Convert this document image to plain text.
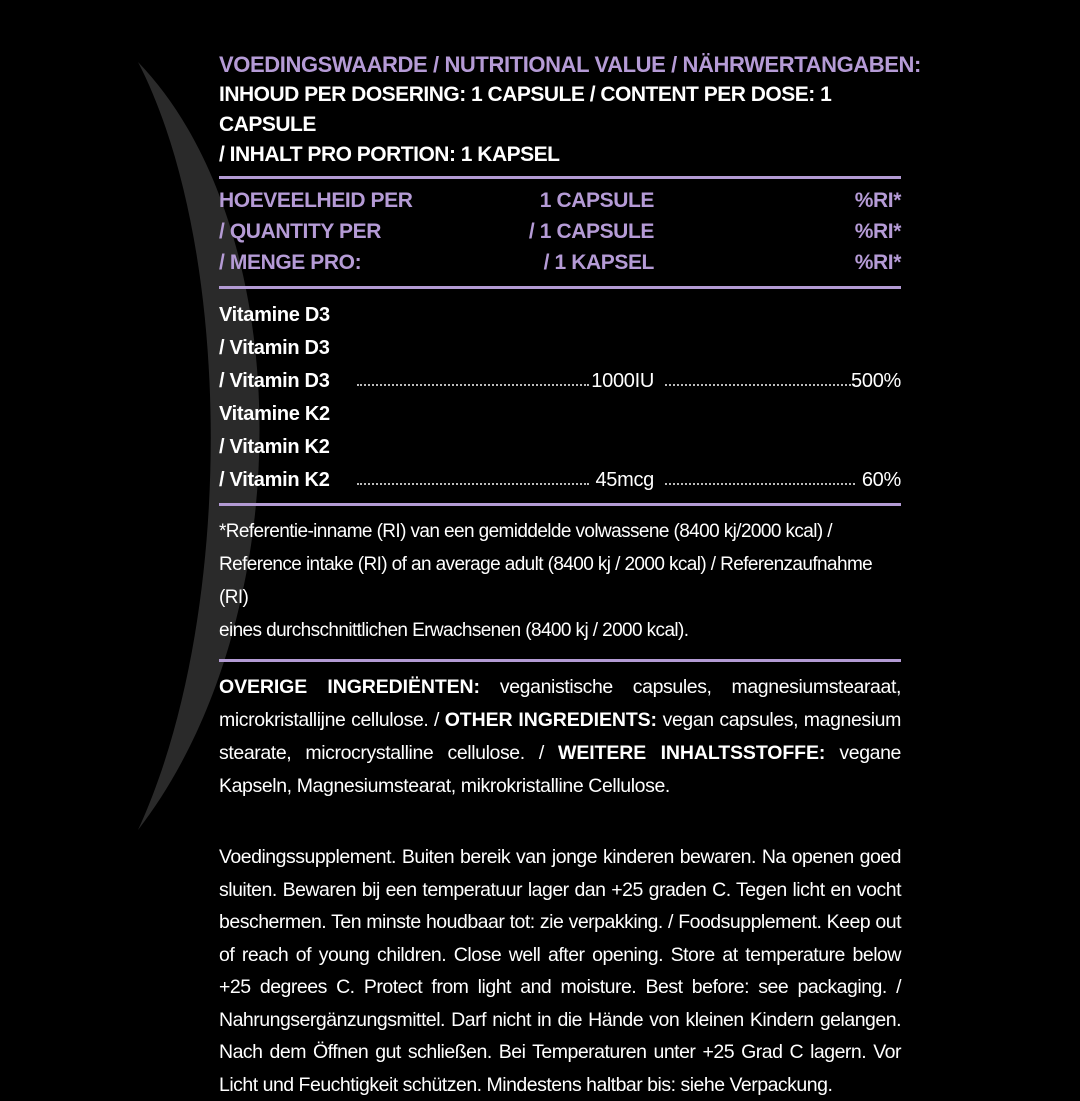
VOEDINGSWAARDE / NUTRITIONAL VALUE / NÄHRWERTANGABEN:
INHOUD PER DOSERING: 1 CAPSULE / CONTENT PER DOSE: 1 CAPSULE
/ INHALT PRO PORTION: 1 KAPSEL
HOEVEELHEID PER	1 CAPSULE	%RI*
/ QUANTITY PER	/ 1 CAPSULE	%RI*
/ MENGE PRO:	/ 1 KAPSEL	%RI*
Vitamine D3
/ Vitamin D3
/ Vitamin D3	1000IU	500%
Vitamine K2
/ Vitamin K2
/ Vitamin K2	45mcg	60%
*Referentie-inname (RI) van een gemiddelde volwassene (8400 kj/2000 kcal) /
Reference intake (RI) of an average adult (8400 kj / 2000 kcal) / Referenzaufnahme (RI)
eines durchschnittlichen Erwachsenen (8400 kj / 2000 kcal).
OVERIGE INGREDIËNTEN: veganistische capsules, magnesiumstearaat, microkristallijne cellulose. / OTHER INGREDIENTS: vegan capsules, magnesium stearate, microcrystalline cellulose. / WEITERE INHALTSSTOFFE: vegane Kapseln, Magnesiumstearat, mikrokristalline Cellulose.
Voedingssupplement. Buiten bereik van jonge kinderen bewaren. Na openen goed sluiten. Bewaren bij een temperatuur lager dan +25 graden C. Tegen licht en vocht beschermen. Ten minste houdbaar tot: zie verpakking. / Foodsupplement. Keep out of reach of young children. Close well after opening. Store at temperature below +25 degrees C. Protect from light and moisture. Best before: see packaging. / Nahrungsergänzungsmittel. Darf nicht in die Hände von kleinen Kindern gelangen. Nach dem Öffnen gut schließen. Bei Temperaturen unter +25 Grad C lagern. Vor Licht und Feuchtigkeit schützen. Mindestens haltbar bis: siehe Verpackung.
